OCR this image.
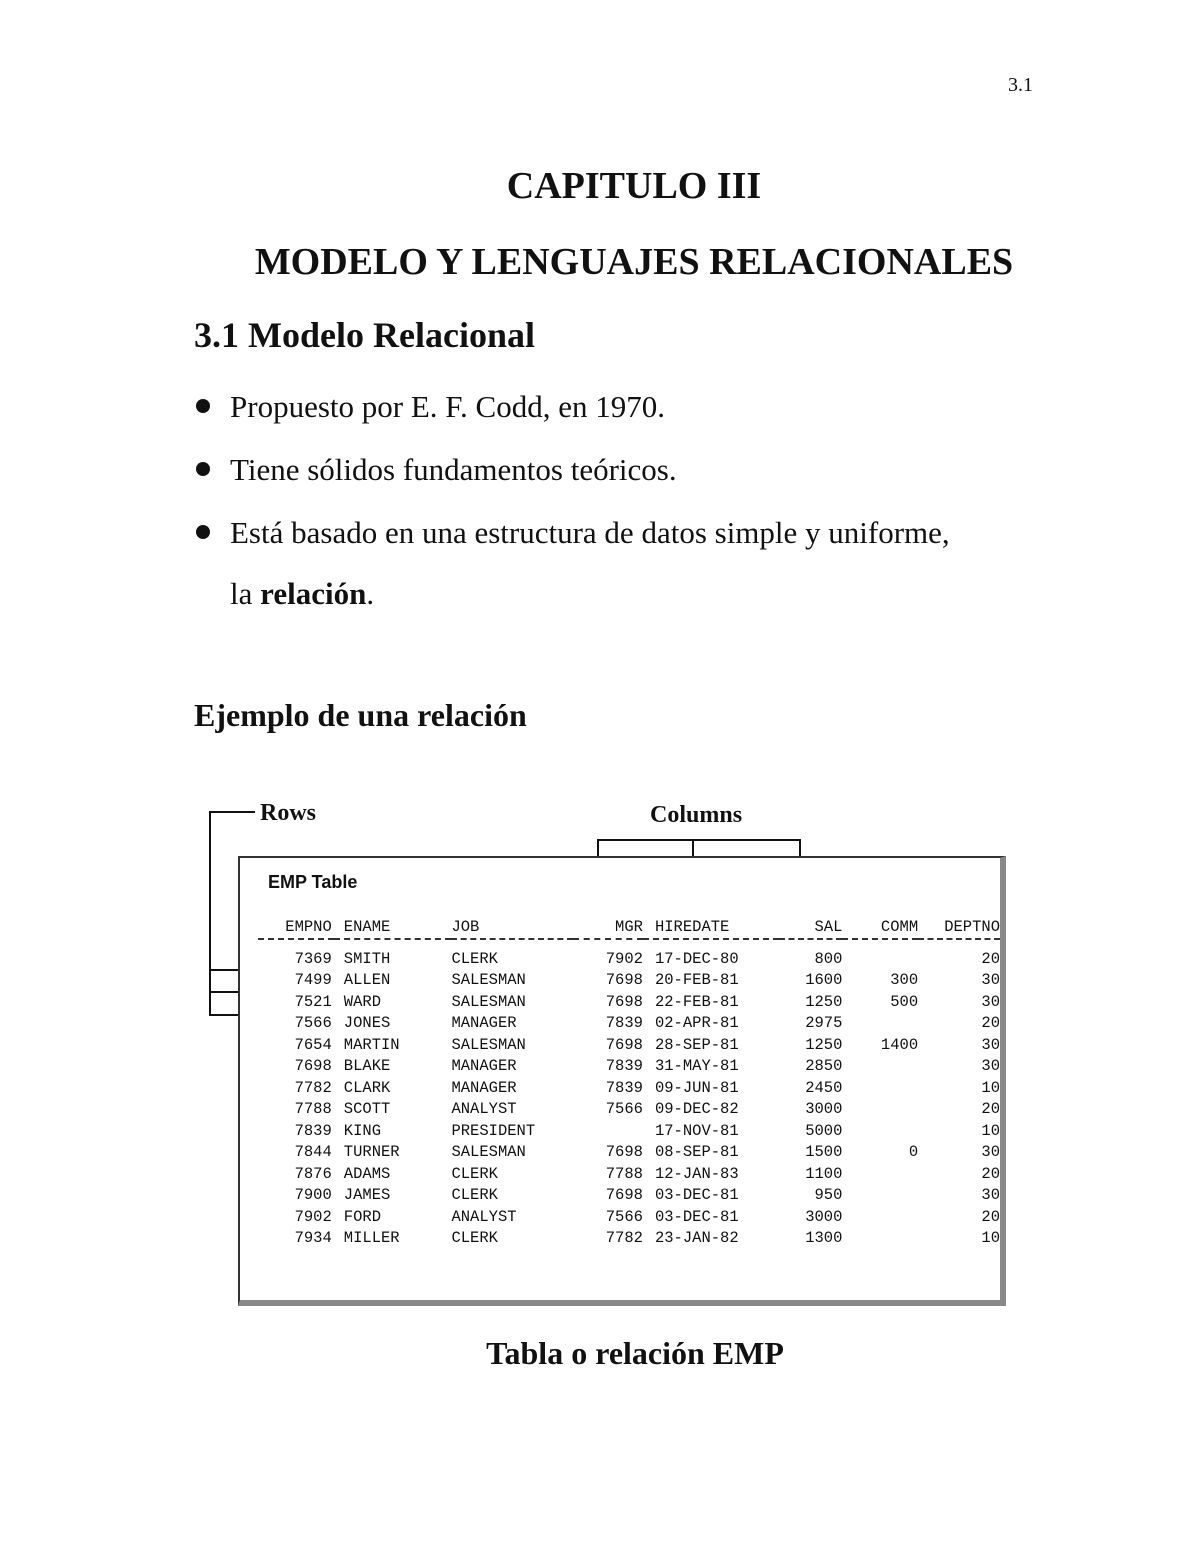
3.1
CAPITULO III
MODELO Y LENGUAJES RELACIONALES
3.1 Modelo Relacional
Propuesto por E. F. Codd, en 1970.
Tiene sólidos fundamentos teóricos.
Está basado en una estructura de datos simple y uniforme,
la relación.
Ejemplo de una relación
Rows	Columns
EMP Table
EMPNO	ENAME	JOB	MGR	HIREDATE	SAL	COMM	DEPTNO

7369	SMITH	CLERK	7902	17-DEC-80	800		20
7499	ALLEN	SALESMAN	7698	20-FEB-81	1600	300	30
7521	WARD	SALESMAN	7698	22-FEB-81	1250	500	30
7566	JONES	MANAGER	7839	02-APR-81	2975		20
7654	MARTIN	SALESMAN	7698	28-SEP-81	1250	1400	30
7698	BLAKE	MANAGER	7839	31-MAY-81	2850		30
7782	CLARK	MANAGER	7839	09-JUN-81	2450		10
7788	SCOTT	ANALYST	7566	09-DEC-82	3000		20
7839	KING	PRESIDENT		17-NOV-81	5000		10
7844	TURNER	SALESMAN	7698	08-SEP-81	1500	0	30
7876	ADAMS	CLERK	7788	12-JAN-83	1100		20
7900	JAMES	CLERK	7698	03-DEC-81	950		30
7902	FORD	ANALYST	7566	03-DEC-81	3000		20
7934	MILLER	CLERK	7782	23-JAN-82	1300		10
Tabla o relación EMP
